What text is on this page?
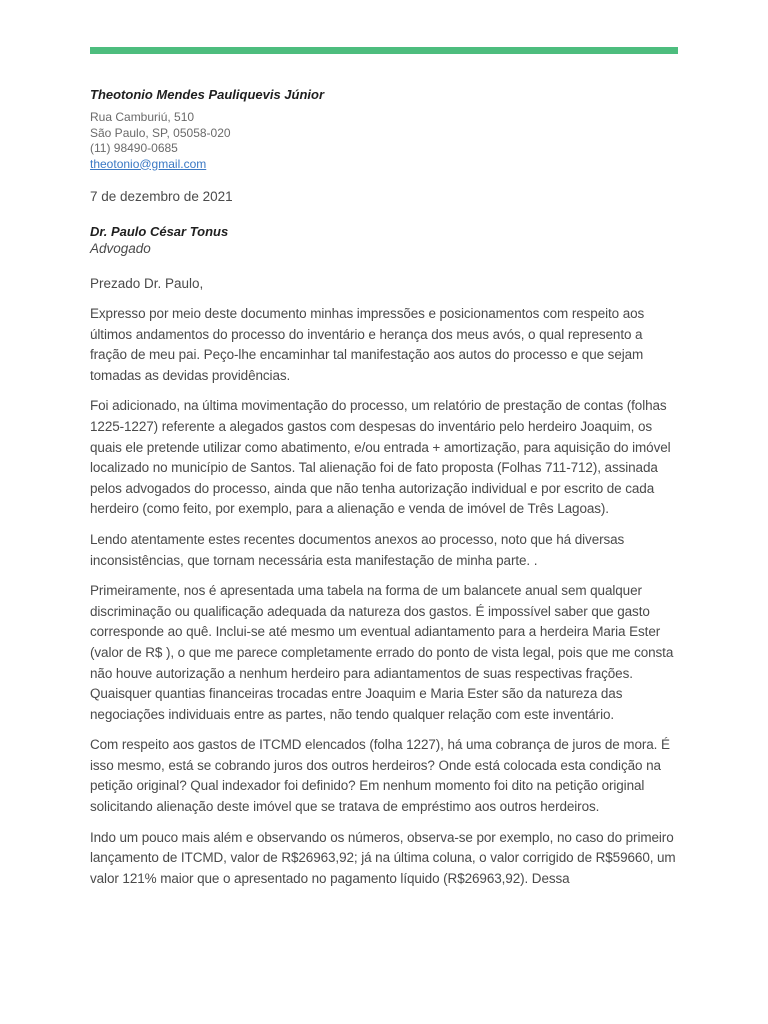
Theotonio Mendes Pauliquevis Júnior

Rua Camburiú, 510

São Paulo, SP, 05058-020

(11) 98490-0685

theotonio@gmail.com

7 de dezembro de 2021

Dr. Paulo César Tonus

Advogado

Prezado Dr. Paulo,

Expresso por meio deste documento minhas impressões e posicionamentos com respeito aos últimos andamentos do processo do inventário e herança dos meus avós, o qual represento a fração de meu pai. Peço-lhe encaminhar tal manifestação aos autos do processo e que sejam tomadas as devidas providências.

Foi adicionado, na última movimentação do processo, um relatório de prestação de contas (folhas 1225-1227) referente a alegados gastos com despesas do inventário pelo herdeiro Joaquim, os quais ele pretende utilizar como abatimento, e/ou entrada + amortização, para aquisição do imóvel localizado no município de Santos. Tal alienação foi de fato proposta (Folhas 711-712), assinada pelos advogados do processo, ainda que não tenha autorização individual e por escrito de cada herdeiro (como feito, por exemplo, para a alienação e venda de imóvel de Três Lagoas).

Lendo atentamente estes recentes documentos anexos ao processo, noto que há diversas inconsistências, que tornam necessária esta manifestação de minha parte. .

Primeiramente, nos é apresentada uma tabela na forma de um balancete anual sem qualquer discriminação ou qualificação adequada da natureza dos gastos. É impossível saber que gasto corresponde ao quê. Inclui-se até mesmo um eventual adiantamento para a herdeira Maria Ester (valor de R$ ), o que me parece completamente errado do ponto de vista legal, pois que me consta não houve autorização a nenhum herdeiro para adiantamentos de suas respectivas frações. Quaisquer quantias financeiras trocadas entre Joaquim e Maria Ester são da natureza das negociações individuais entre as partes, não tendo qualquer relação com este inventário.

Com respeito aos gastos de ITCMD elencados (folha 1227), há uma cobrança de juros de mora. É isso mesmo, está se cobrando juros dos outros herdeiros? Onde está colocada esta condição na petição original? Qual indexador foi definido? Em nenhum momento foi dito na petição original solicitando alienação deste imóvel que se tratava de empréstimo aos outros herdeiros.

Indo um pouco mais além e observando os números, observa-se por exemplo, no caso do primeiro lançamento de ITCMD, valor de R$26963,92; já na última coluna, o valor corrigido de R$59660, um valor 121% maior que o apresentado no pagamento líquido (R$26963,92). Dessa
